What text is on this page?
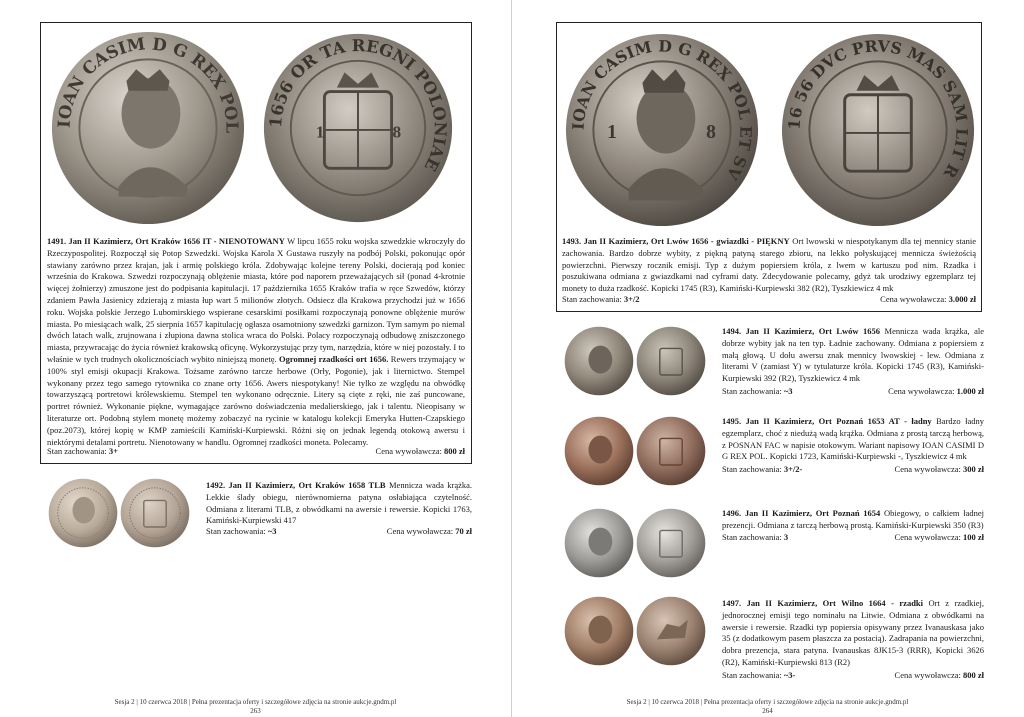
IOAN CASIM D G REX POL 1656 OR TA REGNI POLONIAE
1	8
1491. Jan II Kazimierz, Ort Kraków 1656 IT - NIENOTOWANY W lipcu 1655 roku wojska szwedzkie wkroczyły do Rzeczypospolitej. Rozpoczął się Potop Szwedzki. Wojska Karola X Gustawa ruszyły na podbój Polski, pokonując opór stawiany zarówno przez krajan, jak i armię polskiego króla. Zdobywając kolejne tereny Polski, docierają pod koniec września do Krakowa. Szwedzi rozpoczynają oblężenie miasta, które pod naporem przeważających sił (ponad 4-krotnie więcej żołnierzy) zmuszone jest do podpisania kapitulacji. 17 października 1655 Kraków trafia w ręce Szwedów, którzy zdaniem Pawła Jasienicy zdzierają z miasta łup wart 5 milionów złotych. Odsiecz dla Krakowa przychodzi już w 1656 roku. Wojska polskie Jerzego Lubomirskiego wspierane cesarskimi posiłkami rozpoczynają ponowne oblężenie murów miasta. Po miesiącach walk, 25 sierpnia 1657 kapitulację ogłasza osamotniony szwedzki garnizon. Tym samym po niemal dwóch latach walk, zrujnowana i złupiona dawna stolica wraca do Polski. Polacy rozpoczynają odbudowę zniszczonego miasta, przywracając do życia również krakowską oficynę. Wykorzystując przy tym, narzędzia, które w niej pozostały. I to właśnie w tych trudnych okolicznościach wybito niniejszą monetę. Ogromnej rzadkości ort 1656. Rewers trzymający w 100% styl emisji okupacji Krakowa. Tożsame zarówno tarcze herbowe (Orły, Pogonie), jak i liternictwo. Stempel wykonany przez tego samego rytownika co znane orty 1656. Awers niespotykany! Nie tylko ze względu na obwódkę towarzyszącą portretowi królewskiemu. Stempel ten wykonano odręcznie. Litery są cięte z ręki, nie zaś puncowane, portret również. Wykonanie piękne, wymagające zarówno doświadczenia medalierskiego, jak i talentu. Nieopisany w literaturze ort. Podobną stylem monetę możemy zobaczyć na rycinie w katalogu kolekcji Emeryka Hutten-Czapskiego (poz.2073), której kopię w KMP zamieścili Kamiński-Kurpiewski. Różni się on jednak legendą otokową awersu i niektórymi detalami portretu. Nienotowany w handlu. Ogromnej rzadkości moneta. Polecamy.
Stan zachowania: 3+	Cena wywoławcza: 800 zł
1492. Jan II Kazimierz, Ort Kraków 1658 TLB Mennicza wada krążka. Lekkie ślady obiegu, nierównomierna patyna osłabiająca czytelność. Odmiana z literami TLB, z obwódkami na awersie i rewersie. Kopicki 1763, Kamiński-Kurpiewski 417
Stan zachowania: ~3	Cena wywoławcza: 70 zł
Sesja 2 | 10 czerwca 2018 | Pełna prezentacja oferty i szczegółowe zdjęcia na stronie aukcje.gndm.pl
263
IOAN CASIM D G REX POL ET SV
1	8	16 56 DVC PRVS MAS SAM LIT R
1493. Jan II Kazimierz, Ort Lwów 1656 - gwiazdki - PIĘKNY Ort lwowski w niespotykanym dla tej mennicy stanie zachowania. Bardzo dobrze wybity, z piękną patyną starego zbioru, na lekko połyskującej mennicza świeżością powierzchni. Pierwszy rocznik emisji. Typ z dużym popiersiem króla, z lwem w kartuszu pod nim. Rzadka i poszukiwana odmiana z gwiazdkami nad cyframi daty. Zdecydowanie polecamy, gdyż tak urodziwy egzemplarz tej monety to duża rzadkość. Kopicki 1745 (R3), Kamiński-Kurpiewski 382 (R2), Tyszkiewicz 4 mk
Stan zachowania: 3+/2	Cena wywoławcza: 3.000 zł
1494. Jan II Kazimierz, Ort Lwów 1656 Mennicza wada krążka, ale dobrze wybity jak na ten typ. Ładnie zachowany. Odmiana z popiersiem z małą głową. U dołu awersu znak mennicy lwowskiej - lew. Odmiana z literami V (zamiast Y) w tytulaturze króla. Kopicki 1745 (R3), Kamiński-Kurpiewski 392 (R2), Tyszkiewicz 4 mk
Stan zachowania: ~3	Cena wywoławcza: 1.000 zł
1495. Jan II Kazimierz, Ort Poznań 1653 AT - ładny Bardzo ładny egzemplarz, choć z niedużą wadą krążka. Odmiana z prostą tarczą herbową, z POSNAN FAC w napisie otokowym. Wariant napisowy IOAN CASIMI D G REX POL. Kopicki 1723, Kamiński-Kurpiewski -, Tyszkiewicz 4 mk
Stan zachowania: 3+/2-	Cena wywoławcza: 300 zł
1496. Jan II Kazimierz, Ort Poznań 1654 Obiegowy, o całkiem ładnej prezencji. Odmiana z tarczą herbową prostą. Kamiński-Kurpiewski 350 (R3)
Stan zachowania: 3	Cena wywoławcza: 100 zł
1497. Jan II Kazimierz, Ort Wilno 1664 - rzadki Ort z rzadkiej, jednorocznej emisji tego nominału na Litwie. Odmiana z obwódkami na awersie i rewersie. Rzadki typ popiersia opisywany przez Ivanauskasa jako 35 (z dodatkowym pasem płaszcza za postacią). Zadrapania na powierzchni, dobra prezencja, stara patyna. Ivanauskas 8JK15-3 (RRR), Kopicki 3626 (R2), Kamiński-Kurpiewski 813 (R2)
Stan zachowania: ~3-	Cena wywoławcza: 800 zł
Sesja 2 | 10 czerwca 2018 | Pełna prezentacja oferty i szczegółowe zdjęcia na stronie aukcje.gndm.pl
264
